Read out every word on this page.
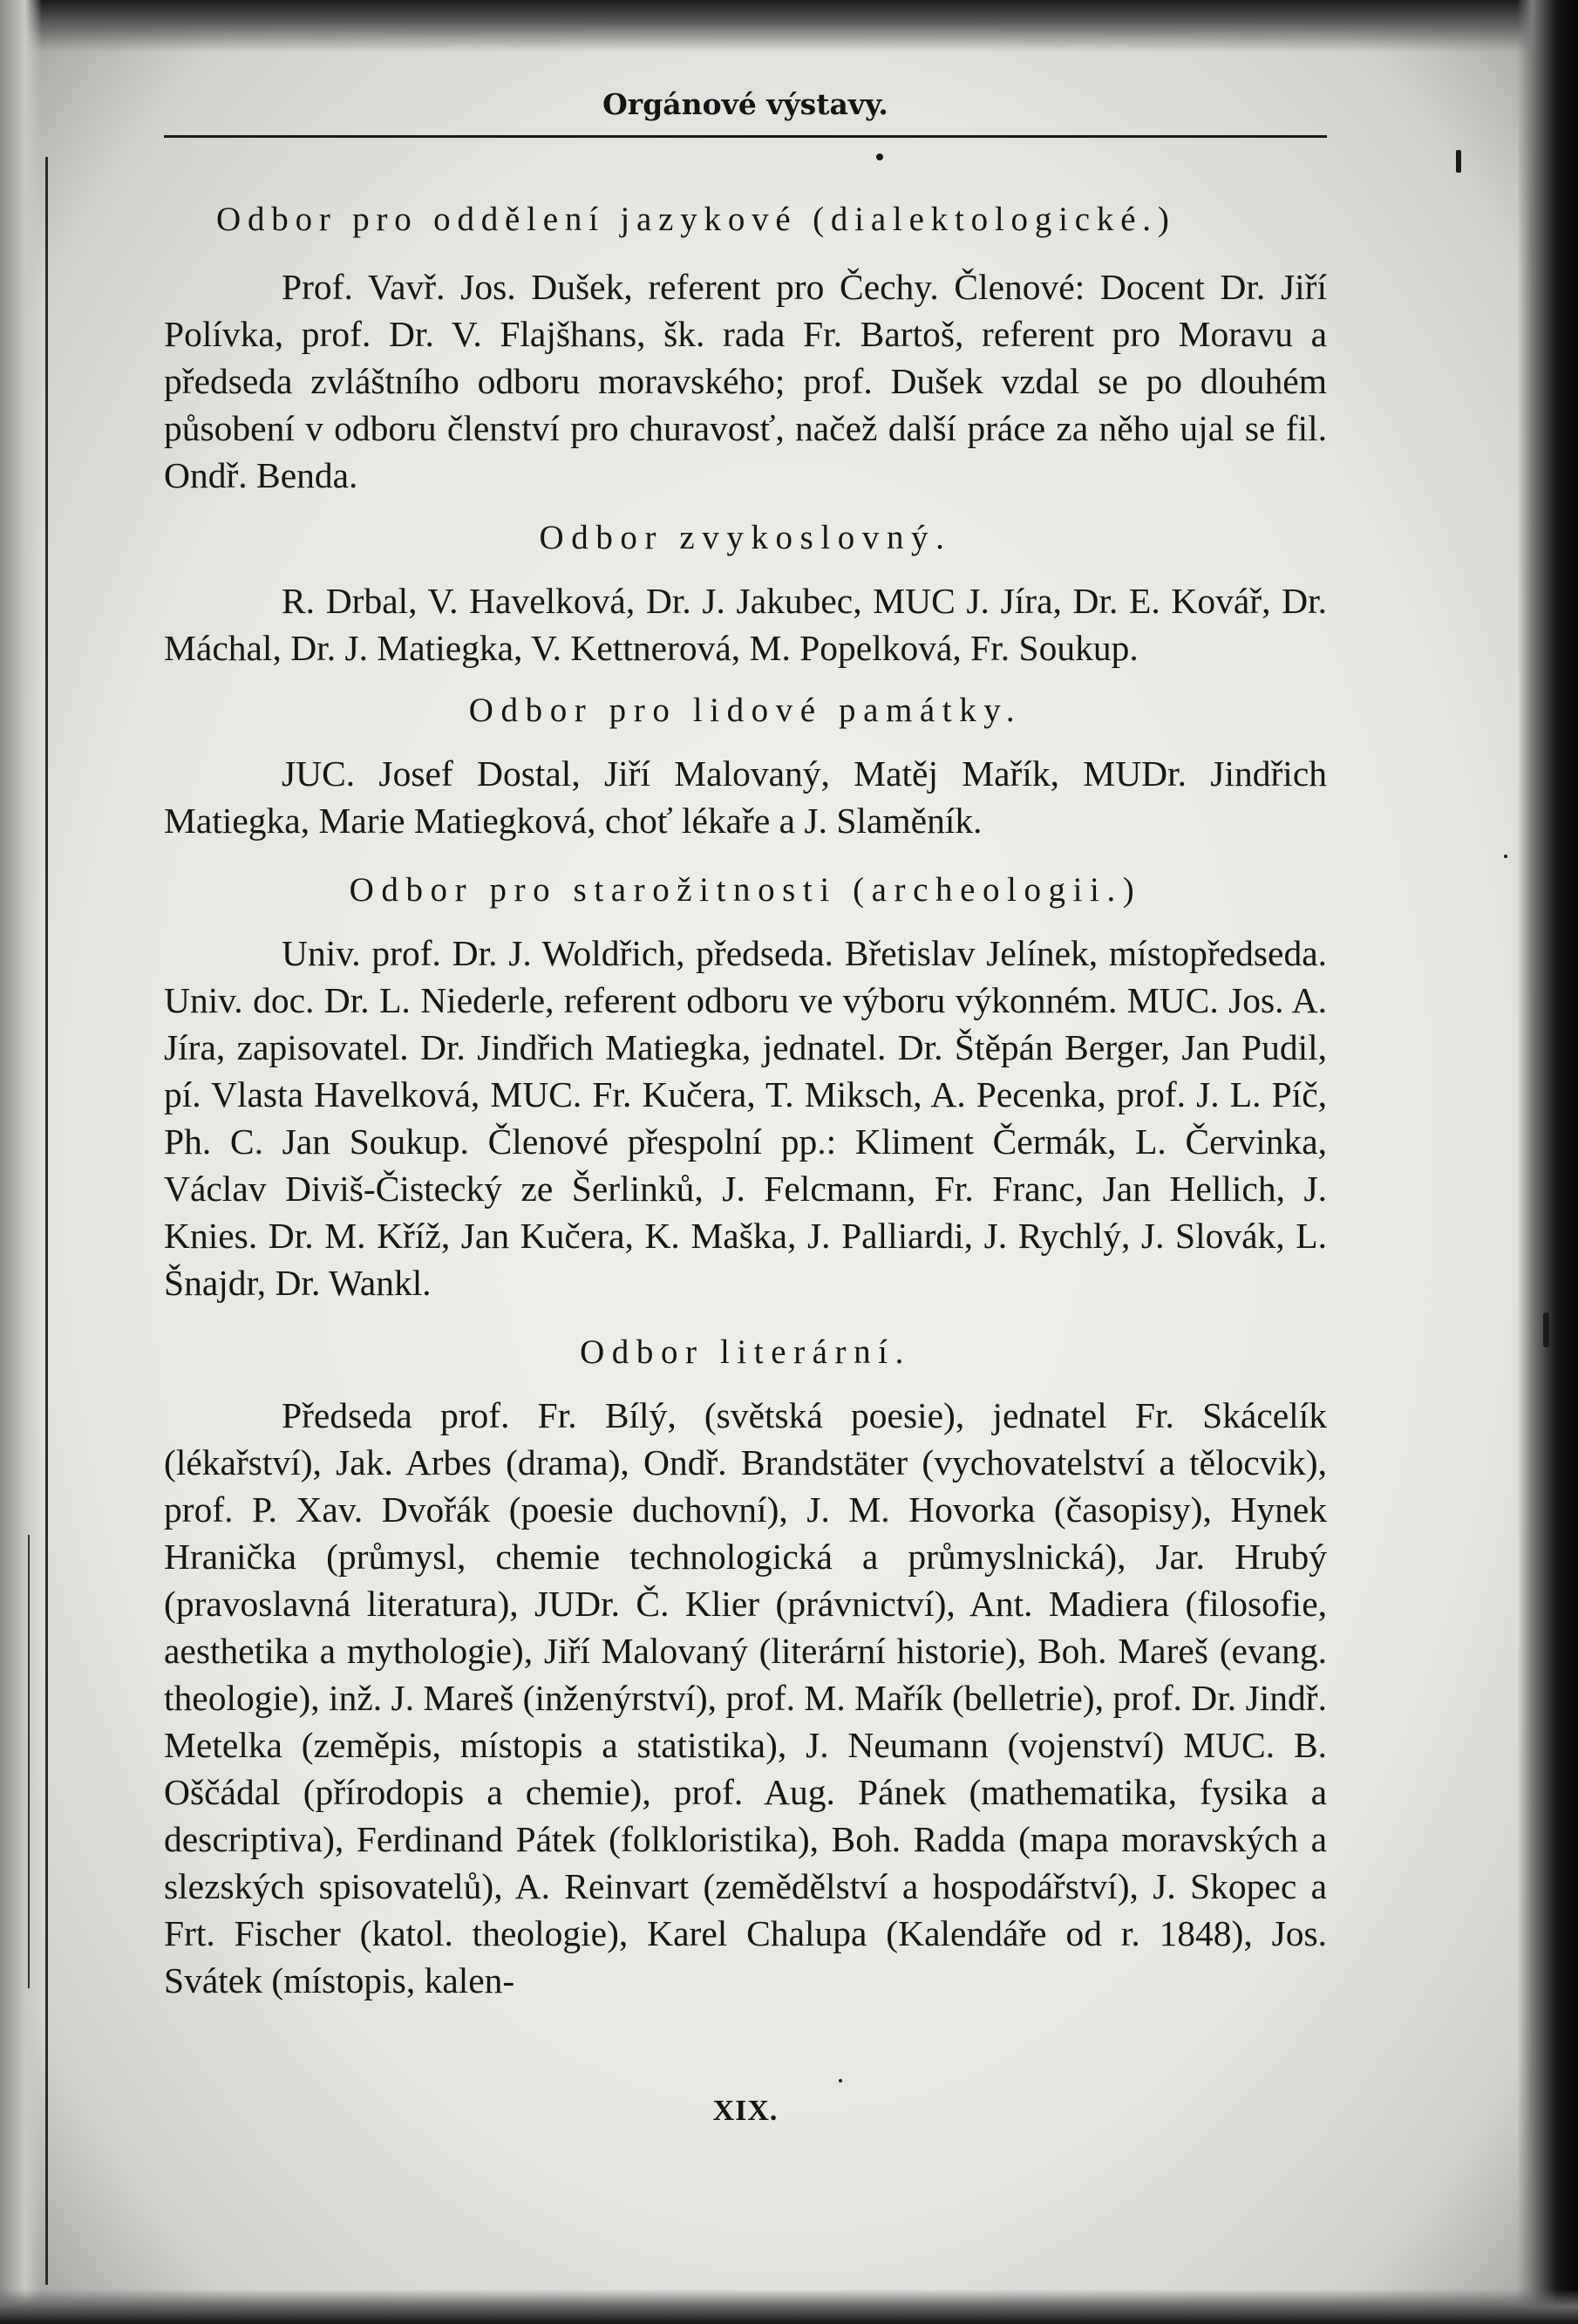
Orgánové výstavy.
Odbor pro oddělení jazykové (dialektologické.)

Prof. Vavř. Jos. Dušek, referent pro Čechy. Členové: Docent Dr. Jiří Polívka, prof. Dr. V. Flajšhans, šk. rada Fr. Bartoš, referent pro Moravu a předseda zvláštního odboru moravského; prof. Dušek vzdal se po dlouhém působení v odboru členství pro churavosť, načež další práce za něho ujal se fil. Ondř. Benda.

Odbor zvykoslovný.

R. Drbal, V. Havelková, Dr. J. Jakubec, MUC J. Jíra, Dr. E. Kovář, Dr. Máchal, Dr. J. Matiegka, V. Kettnerová, M. Popelková, Fr. Soukup.

Odbor pro lidové památky.

JUC. Josef Dostal, Jiří Malovaný, Matěj Mařík, MUDr. Jindřich Matiegka, Marie Matiegková, choť lékaře a J. Slaměník.

Odbor pro starožitnosti (archeologii.)

Univ. prof. Dr. J. Woldřich, předseda. Břetislav Jelínek, místopředseda. Univ. doc. Dr. L. Niederle, referent odboru ve výboru výkonném. MUC. Jos. A. Jíra, zapisovatel. Dr. Jindřich Matiegka, jednatel. Dr. Štěpán Berger, Jan Pudil, pí. Vlasta Havelková, MUC. Fr. Kučera, T. Miksch, A. Pecenka, prof. J. L. Píč, Ph. C. Jan Soukup. Členové přespolní pp.: Kliment Čermák, L. Červinka, Václav Diviš-Čistecký ze Šerlinků, J. Felcmann, Fr. Franc, Jan Hellich, J. Knies. Dr. M. Kříž, Jan Kučera, K. Maška, J. Palliardi, J. Rychlý, J. Slovák, L. Šnajdr, Dr. Wankl.

Odbor literární.

Předseda prof. Fr. Bílý, (světská poesie), jednatel Fr. Skácelík (lékařství), Jak. Arbes (drama), Ondř. Brandstäter (vychovatelství a tělocvik), prof. P. Xav. Dvořák (poesie duchovní), J. M. Hovorka (časopisy), Hynek Hranička (průmysl, chemie technologická a průmyslnická), Jar. Hrubý (pravoslavná literatura), JUDr. Č. Klier (právnictví), Ant. Madiera (filosofie, aesthetika a mythologie), Jiří Malovaný (literární historie), Boh. Mareš (evang. theologie), inž. J. Mareš (inženýrství), prof. M. Mařík (belletrie), prof. Dr. Jindř. Metelka (zeměpis, místopis a statistika), J. Neumann (vojenství) MUC. B. Oščádal (přírodopis a chemie), prof. Aug. Pánek (mathematika, fysika a descriptiva), Ferdinand Pátek (folkloristika), Boh. Radda (mapa moravských a slezských spisovatelů), A. Reinvart (zemědělství a hospodářství), J. Skopec a Frt. Fischer (katol. theologie), Karel Chalupa (Kalendáře od r. 1848), Jos. Svátek (místopis, kalen-

XIX.
